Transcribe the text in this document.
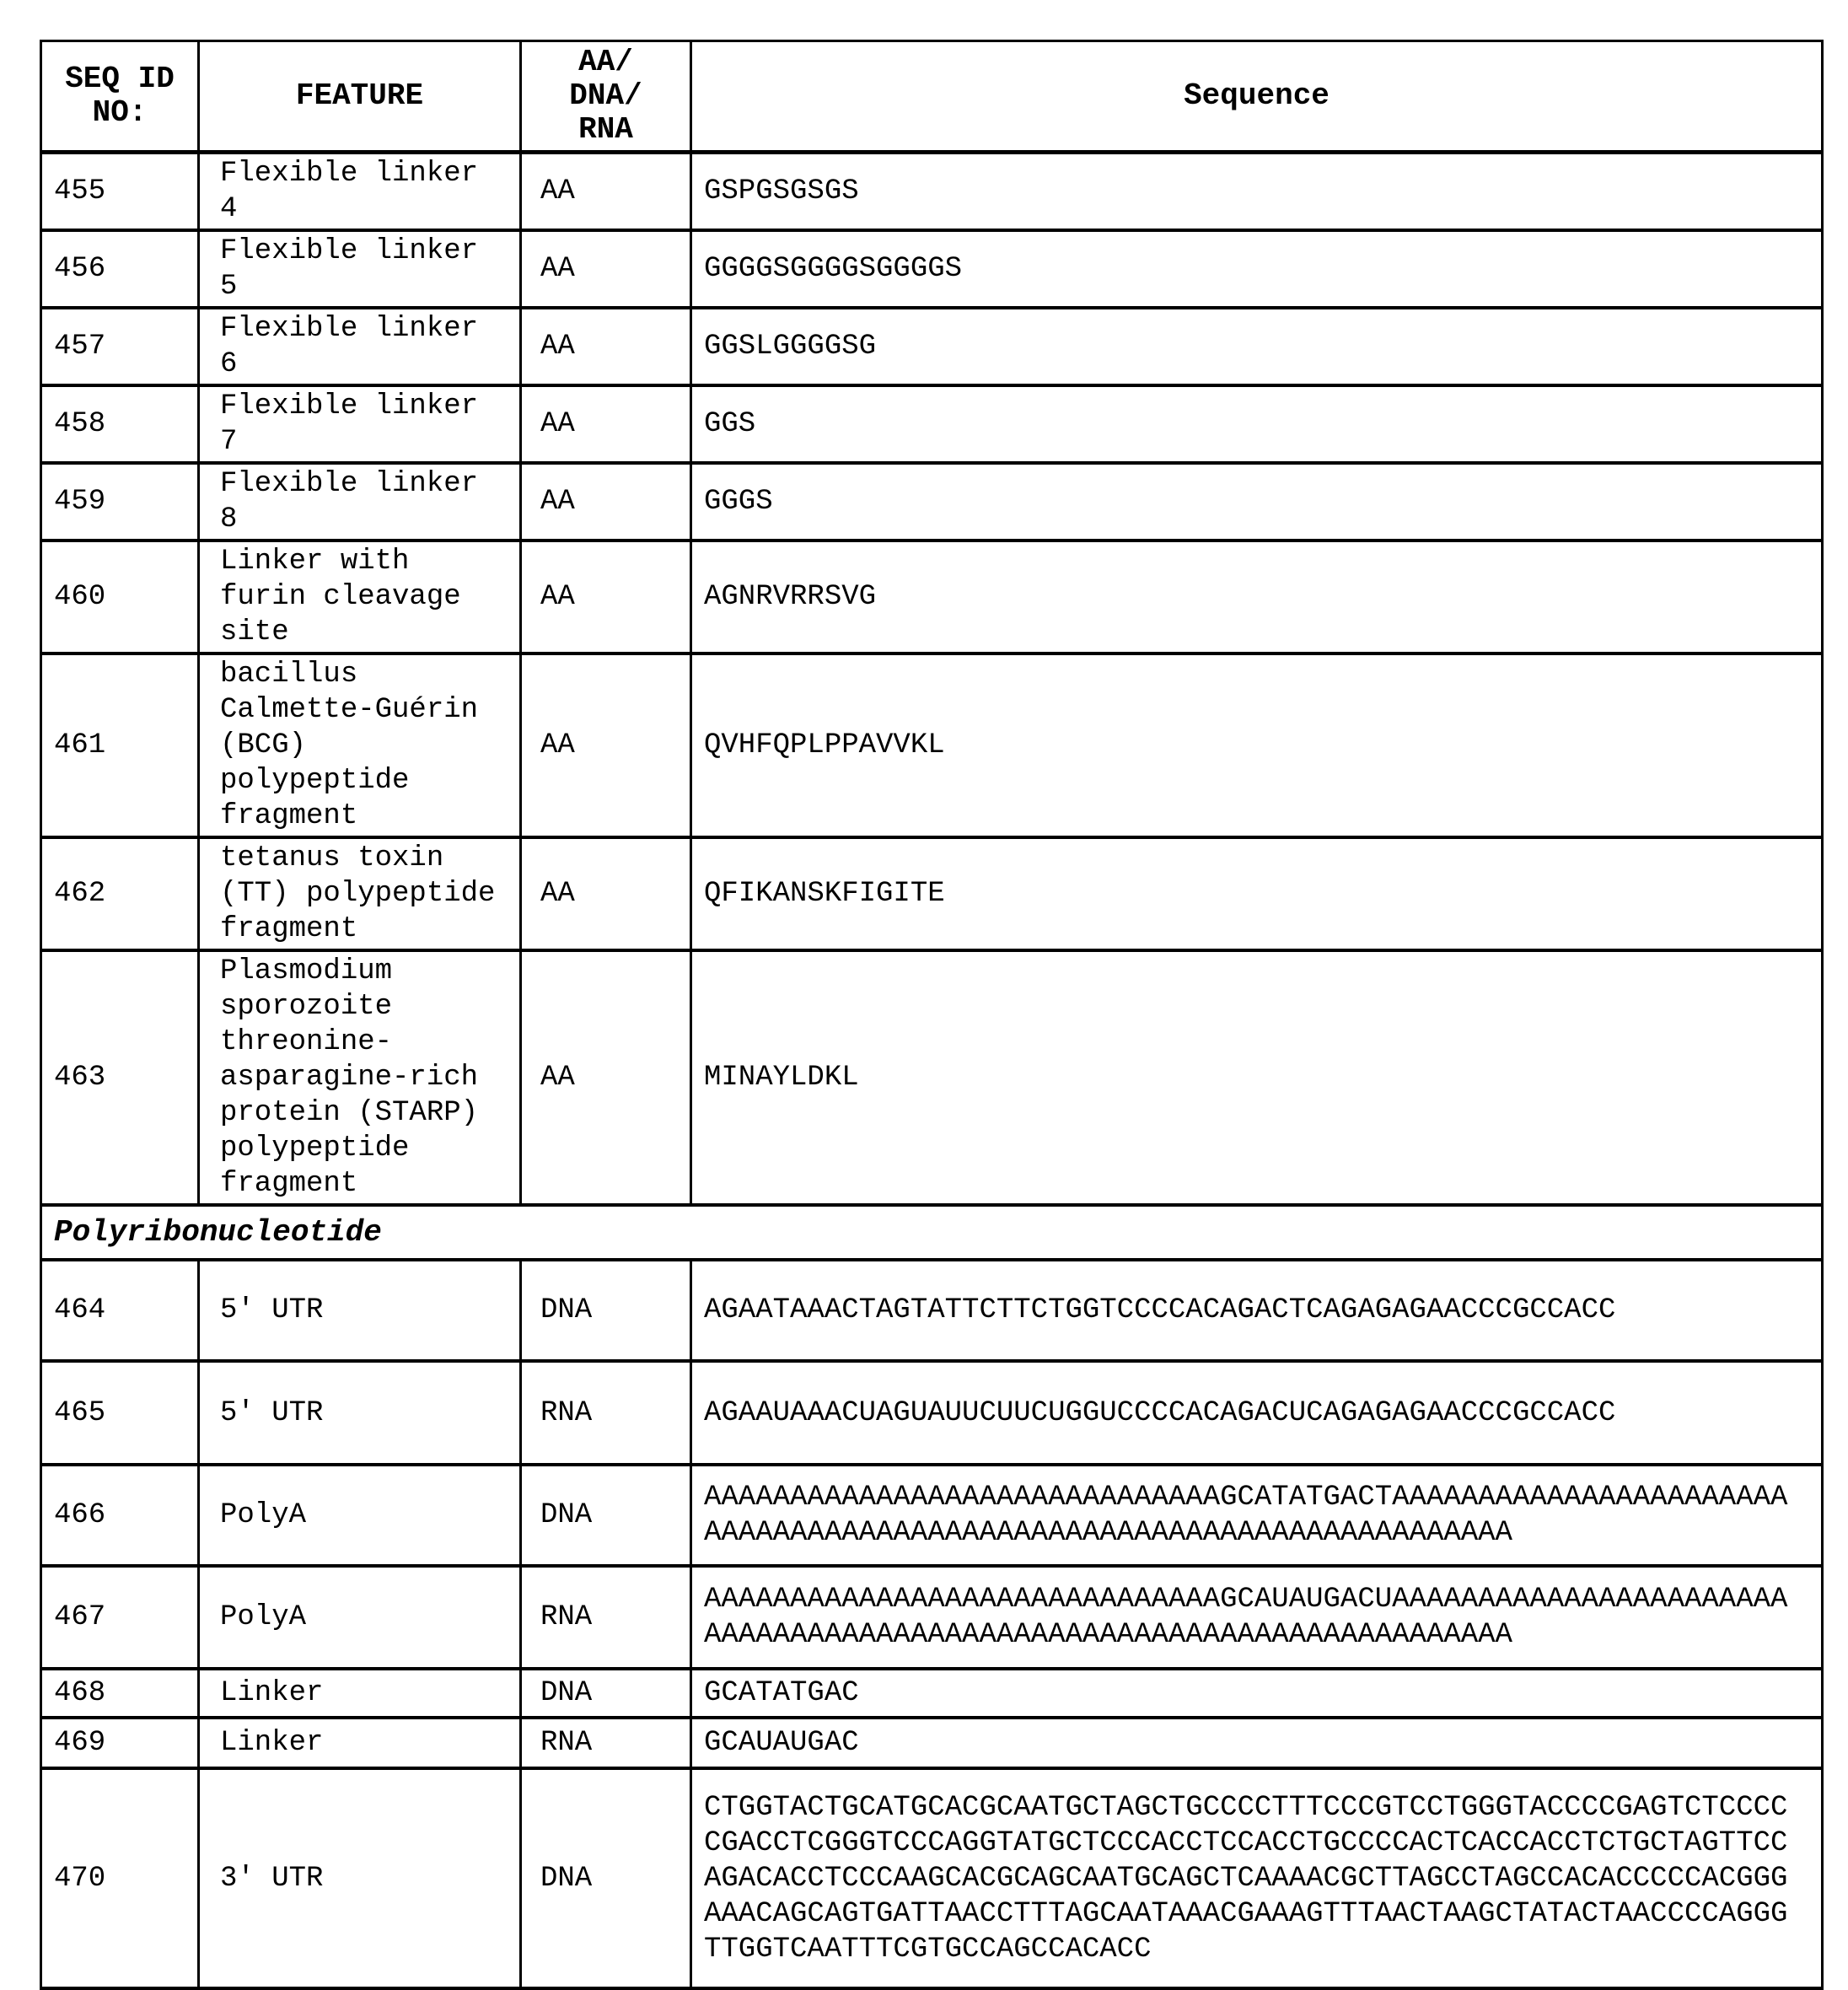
SEQ ID NO:	FEATURE	AA/
DNA/
RNA	Sequence
455	Flexible linker 4	AA	GSPGSGSGS
456	Flexible linker 5	AA	GGGGSGGGGSGGGGS
457	Flexible linker 6	AA	GGSLGGGGSG
458	Flexible linker 7	AA	GGS
459	Flexible linker 8	AA	GGGS
460	Linker with furin cleavage site	AA	AGNRVRRSVG
461	bacillus Calmette-Guérin (BCG) polypeptide fragment	AA	QVHFQPLPPAVVKL
462	tetanus toxin (TT) polypeptide fragment	AA	QFIKANSKFIGITE
463	Plasmodium sporozoite threonine-asparagine-rich protein (STARP) polypeptide fragment	AA	MINAYLDKL
Polyribonucleotide			
464	5' UTR	DNA	AGAATAAACTAGTATTCTTCTGGTCCCCACAGACTCAGAGAGAACCCGCCACC
465	5' UTR	RNA	AGAAUAAACUAGUAUUCUUCUGGUCCCCACAGACUCAGAGAGAACCCGCCACC
466	PolyA	DNA	AAAAAAAAAAAAAAAAAAAAAAAAAAAAAAGCATATGACTAAAAAAAAAAAAAAAAAAAAAAAAAAAAAAAAAAAAAAAAAAAAAAAAAAAAAAAAAAAAAAAAAAAAAA
467	PolyA	RNA	AAAAAAAAAAAAAAAAAAAAAAAAAAAAAAGCAUAUGACUAAAAAAAAAAAAAAAAAAAAAAAAAAAAAAAAAAAAAAAAAAAAAAAAAAAAAAAAAAAAAAAAAAAAAA
468	Linker	DNA	GCATATGAC
469	Linker	RNA	GCAUAUGAC
470	3' UTR	DNA	CTGGTACTGCATGCACGCAATGCTAGCTGCCCCTTTCCCGTCCTGGGTACCCCGAGTCTCCCCCGACCTCGGGTCCCAGGTATGCTCCCACCTCCACCTGCCCCACTCACCACCTCTGCTAGTTCCAGACACCTCCCAAGCACGCAGCAATGCAGCTCAAAACGCTTAGCCTAGCCACACCCCCACGGGAAACAGCAGTGATTAACCTTTAGCAATAAACGAAAGTTTAACTAAGCTATACTAACCCCAGGGTTGGTCAATTTCGTGCCAGCCACACC
